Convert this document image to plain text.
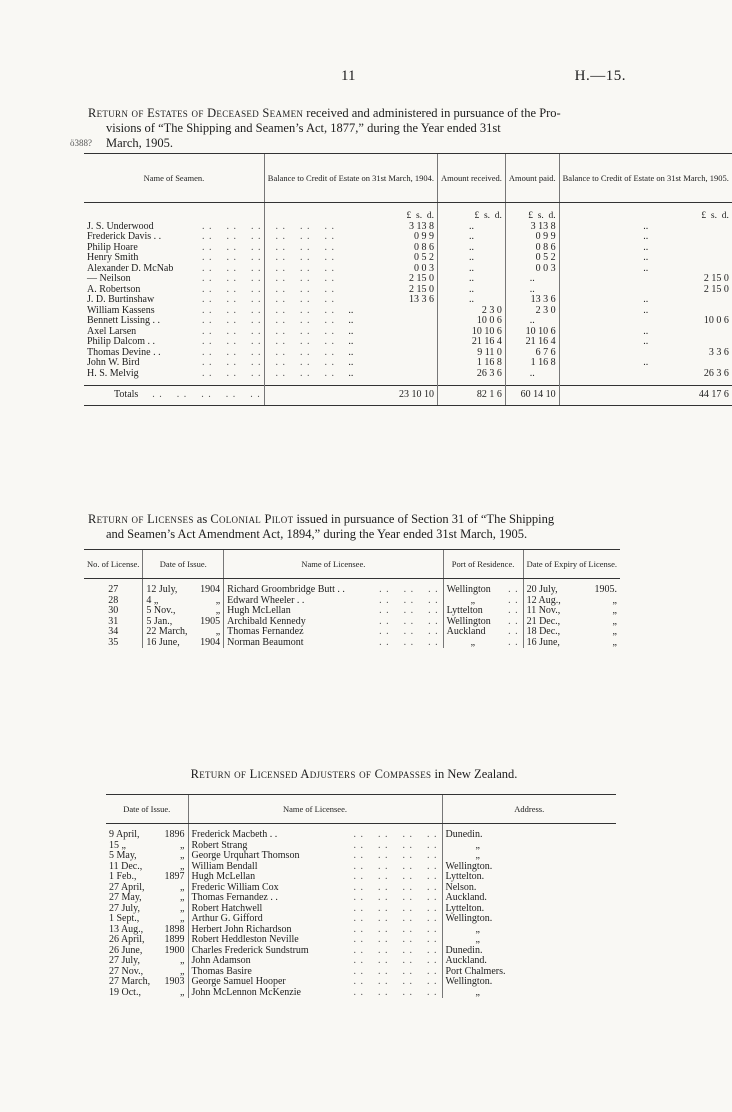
11	H.—15.
Return of Estates of Deceased Seamen received and administered in pursuance of the Pro-
visions of “The Shipping and Seamen’s Act, 1877,” during the Year ended 31st
ö388? March, 1905.
Name of Seamen.	Balance to Credit of Estate on 31st March, 1904.	Amount received.	Amount paid.	Balance to Credit of Estate on 31st March, 1905.

	£ s. d.	£ s. d.	£ s. d.	£ s. d.
J. S. Underwood . .    . .    . .    . .    . .    . .	3 13 8	..	3 13 8	..
Frederick Davis . . . .    . .    . .    . .    . .    . .	0 9 9	..	0 9 9	..
Philip Hoare . .    . .    . .    . .    . .    . .	0 8 6	..	0 8 6	..
Henry Smith . .    . .    . .    . .    . .    . .	0 5 2	..	0 5 2	..
Alexander D. McNab . .    . .    . .    . .    . .    . .	0 0 3	..	0 0 3	..
— Neilson . .    . .    . .    . .    . .    . .	2 15 0	..	..	2 15 0
A. Robertson . .    . .    . .    . .    . .    . .	2 15 0	..	..	2 15 0
J. D. Burtinshaw . .    . .    . .    . .    . .    . .	13 3 6	..	13 3 6	..
William Kassens . .    . .    . .    . .    . .    . .	..	2 3 0	2 3 0	..
Bennett Lissing . . . .    . .    . .    . .    . .    . .	..	10 0 6	..	10 0 6
Axel Larsen . .    . .    . .    . .    . .    . .	..	10 10 6	10 10 6	..
Philip Dalcom . . . .    . .    . .    . .    . .    . .	..	21 16 4	21 16 4	..
Thomas Devine . . . .    . .    . .    . .    . .    . .	..	9 11 0	6 7 6	3 3 6
John W. Bird . .    . .    . .    . .    . .    . .	..	1 16 8	1 16 8	..
H. S. Melvig . .    . .    . .    . .    . .    . .	..	26 3 6	..	26 3 6

Totals    . .    . .    . .    . .    . .	23 10 10	82 1 6	60 14 10	44 17 6
Return of Licenses as Colonial Pilot issued in pursuance of Section 31 of “The Shipping
and Seamen’s Act Amendment Act, 1894,” during the Year ended 31st March, 1905.
No. of License.	Date of Issue.	Name of Licensee.	Port of Residence.	Date of Expiry of License.

27	12 July, 1904	Richard Groombridge Butt . . . .    . .    . .	Wellington . .	20 July, 1905.

28	4 „ „	Edward Wheeler . . . .    . .    . .	„ . .	12 Aug., „

30	5 Nov., „	Hugh McLellan . .    . .    . .	Lyttelton . .	11 Nov., „

31	5 Jan., 1905	Archibald Kennedy . .    . .    . .	Wellington . .	21 Dec., „

34	22 March, „	Thomas Fernandez . .    . .    . .	Auckland . .	18 Dec., „

35	16 June, 1904	Norman Beaumont . .    . .    . .	„ . .	16 June, „
Return of Licensed Adjusters of Compasses in New Zealand.
Date of Issue.	Name of Licensee.	Address.

9 April, 1896	Frederick Macbeth . . . .    . .    . .    . .	Dunedin.
15 „ „	Robert Strang . .    . .    . .    . .	„
5 May, „	George Urquhart Thomson . .    . .    . .    . .	„
11 Dec., „	William Bendall . .    . .    . .    . .	Wellington.
1 Feb., 1897	Hugh McLellan . .    . .    . .    . .	Lyttelton.
27 April, „	Frederic William Cox . .    . .    . .    . .	Nelson.
27 May, „	Thomas Fernandez . . . .    . .    . .    . .	Auckland.
27 July, „	Robert Hatchwell . .    . .    . .    . .	Lyttelton.
1 Sept., „	Arthur G. Gifford . .    . .    . .    . .	Wellington.
13 Aug., 1898	Herbert John Richardson . .    . .    . .    . .	„
26 April, 1899	Robert Heddleston Neville . .    . .    . .    . .	„
26 June, 1900	Charles Frederick Sundstrum . .    . .    . .    . .	Dunedin.
27 July, „	John Adamson . .    . .    . .    . .	Auckland.
27 Nov., „	Thomas Basire . .    . .    . .    . .	Port Chalmers.
27 March, 1903	George Samuel Hooper . .    . .    . .    . .	Wellington.
19 Oct., „	John McLennon McKenzie . .    . .    . .    . .	„
